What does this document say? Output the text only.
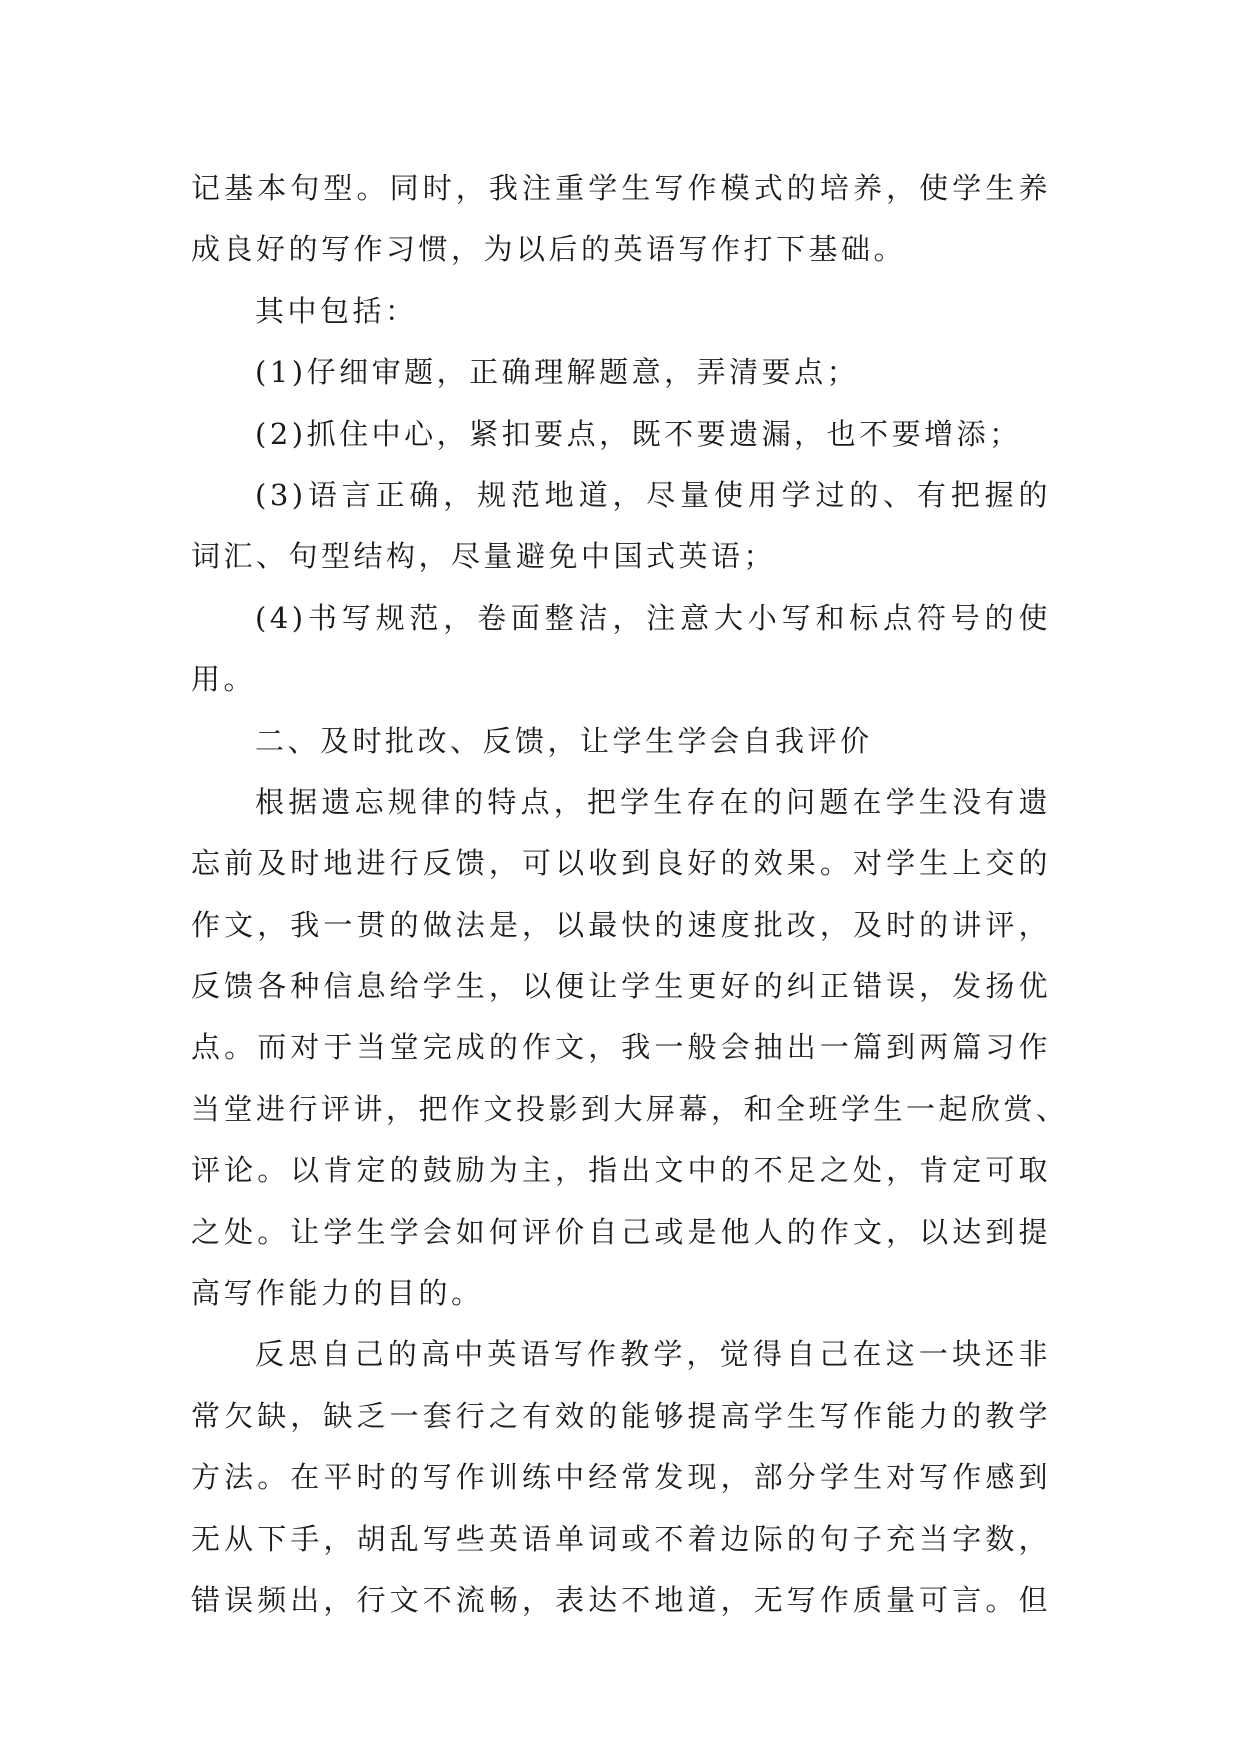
记基本句型。同时，我注重学生写作模式的培养，使学生养
成良好的写作习惯，为以后的英语写作打下基础。
其中包括：
(1)仔细审题，正确理解题意，弄清要点；
(2)抓住中心，紧扣要点，既不要遗漏，也不要增添；
(3)语言正确，规范地道，尽量使用学过的、有把握的
词汇、句型结构，尽量避免中国式英语；
(4)书写规范，卷面整洁，注意大小写和标点符号的使
用。
二、及时批改、反馈，让学生学会自我评价
根据遗忘规律的特点，把学生存在的问题在学生没有遗
忘前及时地进行反馈，可以收到良好的效果。对学生上交的
作文，我一贯的做法是，以最快的速度批改，及时的讲评，
反馈各种信息给学生，以便让学生更好的纠正错误，发扬优
点。而对于当堂完成的作文，我一般会抽出一篇到两篇习作
当堂进行评讲，把作文投影到大屏幕，和全班学生一起欣赏、
评论。以肯定的鼓励为主，指出文中的不足之处，肯定可取
之处。让学生学会如何评价自己或是他人的作文，以达到提
高写作能力的目的。
反思自己的高中英语写作教学，觉得自己在这一块还非
常欠缺，缺乏一套行之有效的能够提高学生写作能力的教学
方法。在平时的写作训练中经常发现，部分学生对写作感到
无从下手，胡乱写些英语单词或不着边际的句子充当字数，
错误频出，行文不流畅，表达不地道，无写作质量可言。但
